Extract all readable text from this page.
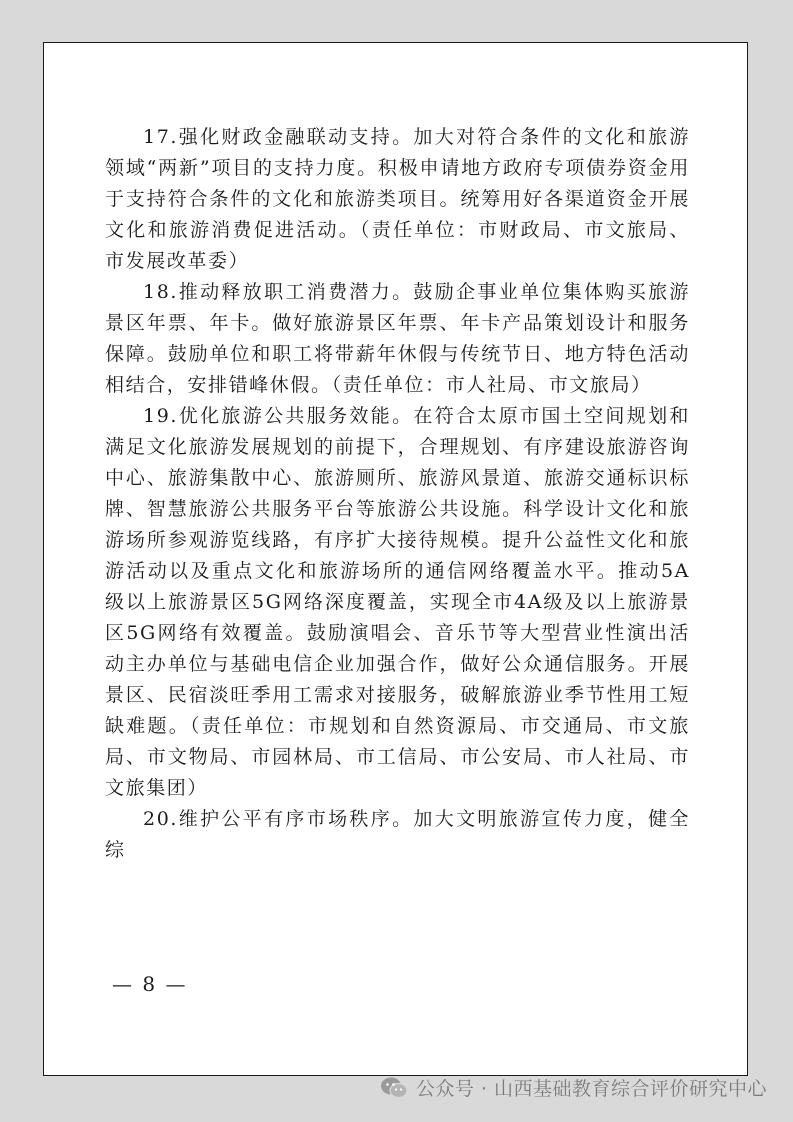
17.强化财政金融联动支持。加大对符合条件的文化和旅游领域“两新”项目的支持力度。积极申请地方政府专项债券资金用于支持符合条件的文化和旅游类项目。统筹用好各渠道资金开展文化和旅游消费促进活动。（责任单位：市财政局、市文旅局、市发展改革委）

18.推动释放职工消费潜力。鼓励企事业单位集体购买旅游景区年票、年卡。做好旅游景区年票、年卡产品策划设计和服务保障。鼓励单位和职工将带薪年休假与传统节日、地方特色活动相结合，安排错峰休假。（责任单位：市人社局、市文旅局）

19.优化旅游公共服务效能。在符合太原市国土空间规划和满足文化旅游发展规划的前提下，合理规划、有序建设旅游咨询中心、旅游集散中心、旅游厕所、旅游风景道、旅游交通标识标牌、智慧旅游公共服务平台等旅游公共设施。科学设计文化和旅游场所参观游览线路，有序扩大接待规模。提升公益性文化和旅游活动以及重点文化和旅游场所的通信网络覆盖水平。推动5A级以上旅游景区5G网络深度覆盖，实现全市4A级及以上旅游景区5G网络有效覆盖。鼓励演唱会、音乐节等大型营业性演出活动主办单位与基础电信企业加强合作，做好公众通信服务。开展景区、民宿淡旺季用工需求对接服务，破解旅游业季节性用工短缺难题。（责任单位：市规划和自然资源局、市交通局、市文旅局、市文物局、市园林局、市工信局、市公安局、市人社局、市文旅集团）

20.维护公平有序市场秩序。加大文明旅游宣传力度，健全综

— 8 —
公众号 · 山西基础教育综合评价研究中心
